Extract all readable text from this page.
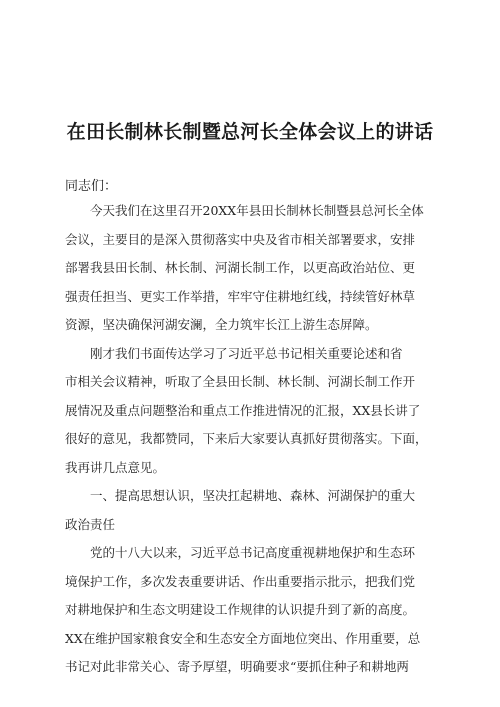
在田长制林长制暨总河长全体会议上的讲话
同志们：
今天我们在这里召开20XX年县田长制林长制暨县总河长全体
会议，主要目的是深入贯彻落实中央及省市相关部署要求，安排
部署我县田长制、林长制、河湖长制工作，以更高政治站位、更
强责任担当、更实工作举措，牢牢守住耕地红线，持续管好林草
资源，坚决确保河湖安澜，全力筑牢长江上游生态屏障。
刚才我们书面传达学习了习近平总书记相关重要论述和省
市相关会议精神，听取了全县田长制、林长制、河湖长制工作开
展情况及重点问题整治和重点工作推进情况的汇报，XX县长讲了
很好的意见，我都赞同，下来后大家要认真抓好贯彻落实。下面，
我再讲几点意见。
一、提高思想认识，坚决扛起耕地、森林、河湖保护的重大
政治责任
党的十八大以来，习近平总书记高度重视耕地保护和生态环
境保护工作，多次发表重要讲话、作出重要指示批示，把我们党
对耕地保护和生态文明建设工作规律的认识提升到了新的高度。
XX在维护国家粮食安全和生态安全方面地位突出、作用重要，总
书记对此非常关心、寄予厚望，明确要求“要抓住种子和耕地两
